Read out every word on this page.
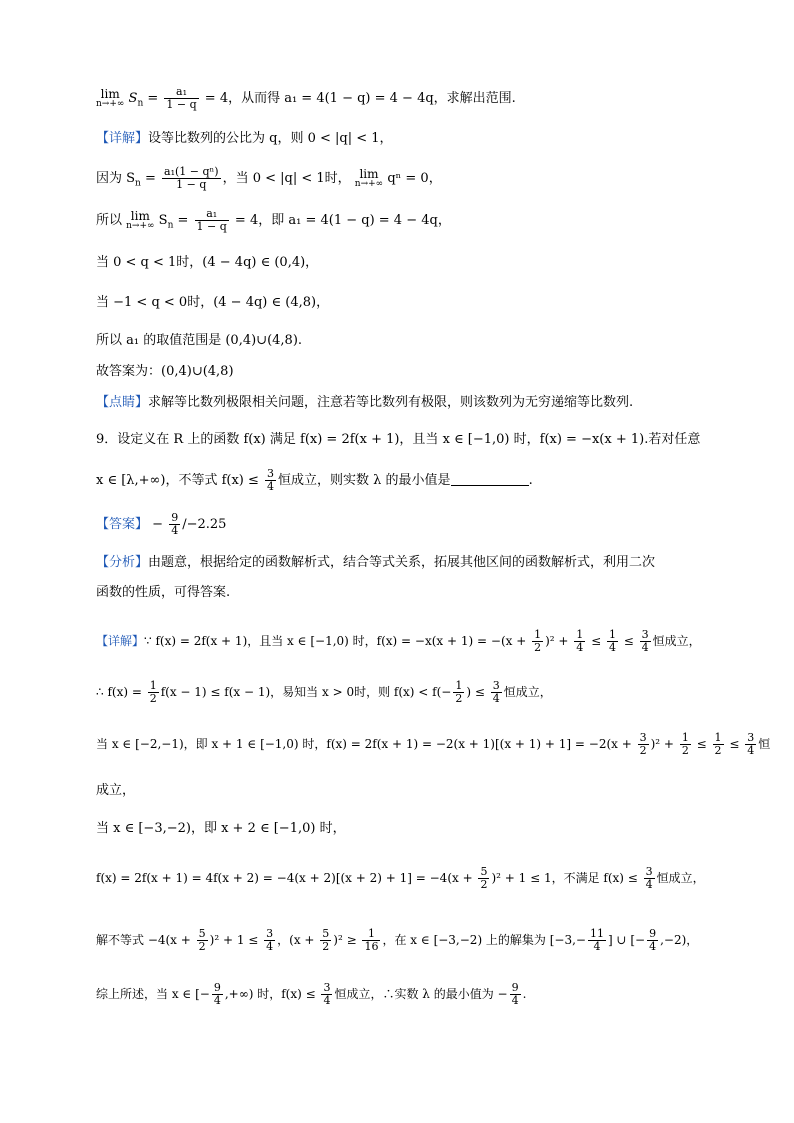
lim
n→+∞ $S_n = \frac{\text{a₁}}{1 - q} = 4$，从而得 a₁ = 4(1 − q) = 4 − 4q，求解出范围.
【详解】设等比数列的公比为 q，则 0 < |q| < 1，
因为 $S_n = \frac{\text{a₁(1 − qⁿ)}}{1 - q}$ ，当 0 < |q| < 1时， lim
n→+∞ qⁿ = 0，
所以 lim
n→+∞ $S_n = \frac{\text{a₁}}{1 - q} = 4$，即 a₁ = 4(1 − q) = 4 − 4q，
当 0 < q < 1时，(4 − 4q) ∈ (0,4)，
当 −1 < q < 0时，(4 − 4q) ∈ (4,8)，
所以 a₁ 的取值范围是 (0,4)∪(4,8).
故答案为：(0,4)∪(4,8)
【点睛】求解等比数列极限相关问题，注意若等比数列有极限，则该数列为无穷递缩等比数列.
9．设定义在 R 上的函数 f(x) 满足 f(x) = 2f(x + 1)，且当 x ∈ [−1,0) 时，f(x) = −x(x + 1).若对任意
x ∈ [λ,+∞)，不等式 $f(x) \le \frac{3}{4}$ 恒成立，则实数 λ 的最小值是	.
【答案】 − $\frac{9}{4} /-2.25$
【分析】由题意，根据给定的函数解析式，结合等式关系，拓展其他区间的函数解析式，利用二次
函数的性质，可得答案.
【详解】∵ f(x) = 2f(x + 1)，且当 x ∈ [−1,0) 时，$f(x) = -x(x + 1) = -(x + \frac{1}{2} )^2 + \frac{1}{4} \le \frac{1}{4} \le \frac{3}{4}$ 恒成立，
∴ $f(x) = \frac{1}{2} f(x - 1) \le f(x - 1)$，易知当 x > 0时，则 $f(x) < f(- \frac{1}{2}$ ) ≤ $\frac{3}{4}$ 恒成立，
当 x ∈ [−2,−1)，即 x + 1 ∈ [−1,0) 时，$f(x) = 2f(x + 1) = -2(x + 1)[(x + 1) + 1] = -2(x + \frac{3}{2} )^2 + \frac{1}{2} \le \frac{1}{2} \le \frac{3}{4}$ 恒
成立，
当 x ∈ [−3,−2)，即 x + 2 ∈ [−1,0) 时，
$f(x) = 2f(x + 1) = 4f(x + 2) = -4(x + 2)[(x + 2) + 1] = -4(x + \frac{5}{2} )^2 + 1 \le 1$，不满足 $f(x) \le \frac{3}{4}$ 恒成立，
解不等式 $-4(x + \frac{5}{2} )^2 + 1 \le \frac{3}{4}$ ，$(x + \frac{5}{2} )^2 \ge \frac{1}{16}$ ，在 x ∈ [−3,−2) 上的解集为 [$-3,- \frac{11}{4}$ ] ∪ [− $\frac{9}{4} ,-2$)，
综上所述，当 x ∈ [− $\frac{9}{4}$ ,+∞) 时，$f(x) \le \frac{3}{4}$ 恒成立，∴实数 λ 的最小值为 − $\frac{9}{4}$ .
